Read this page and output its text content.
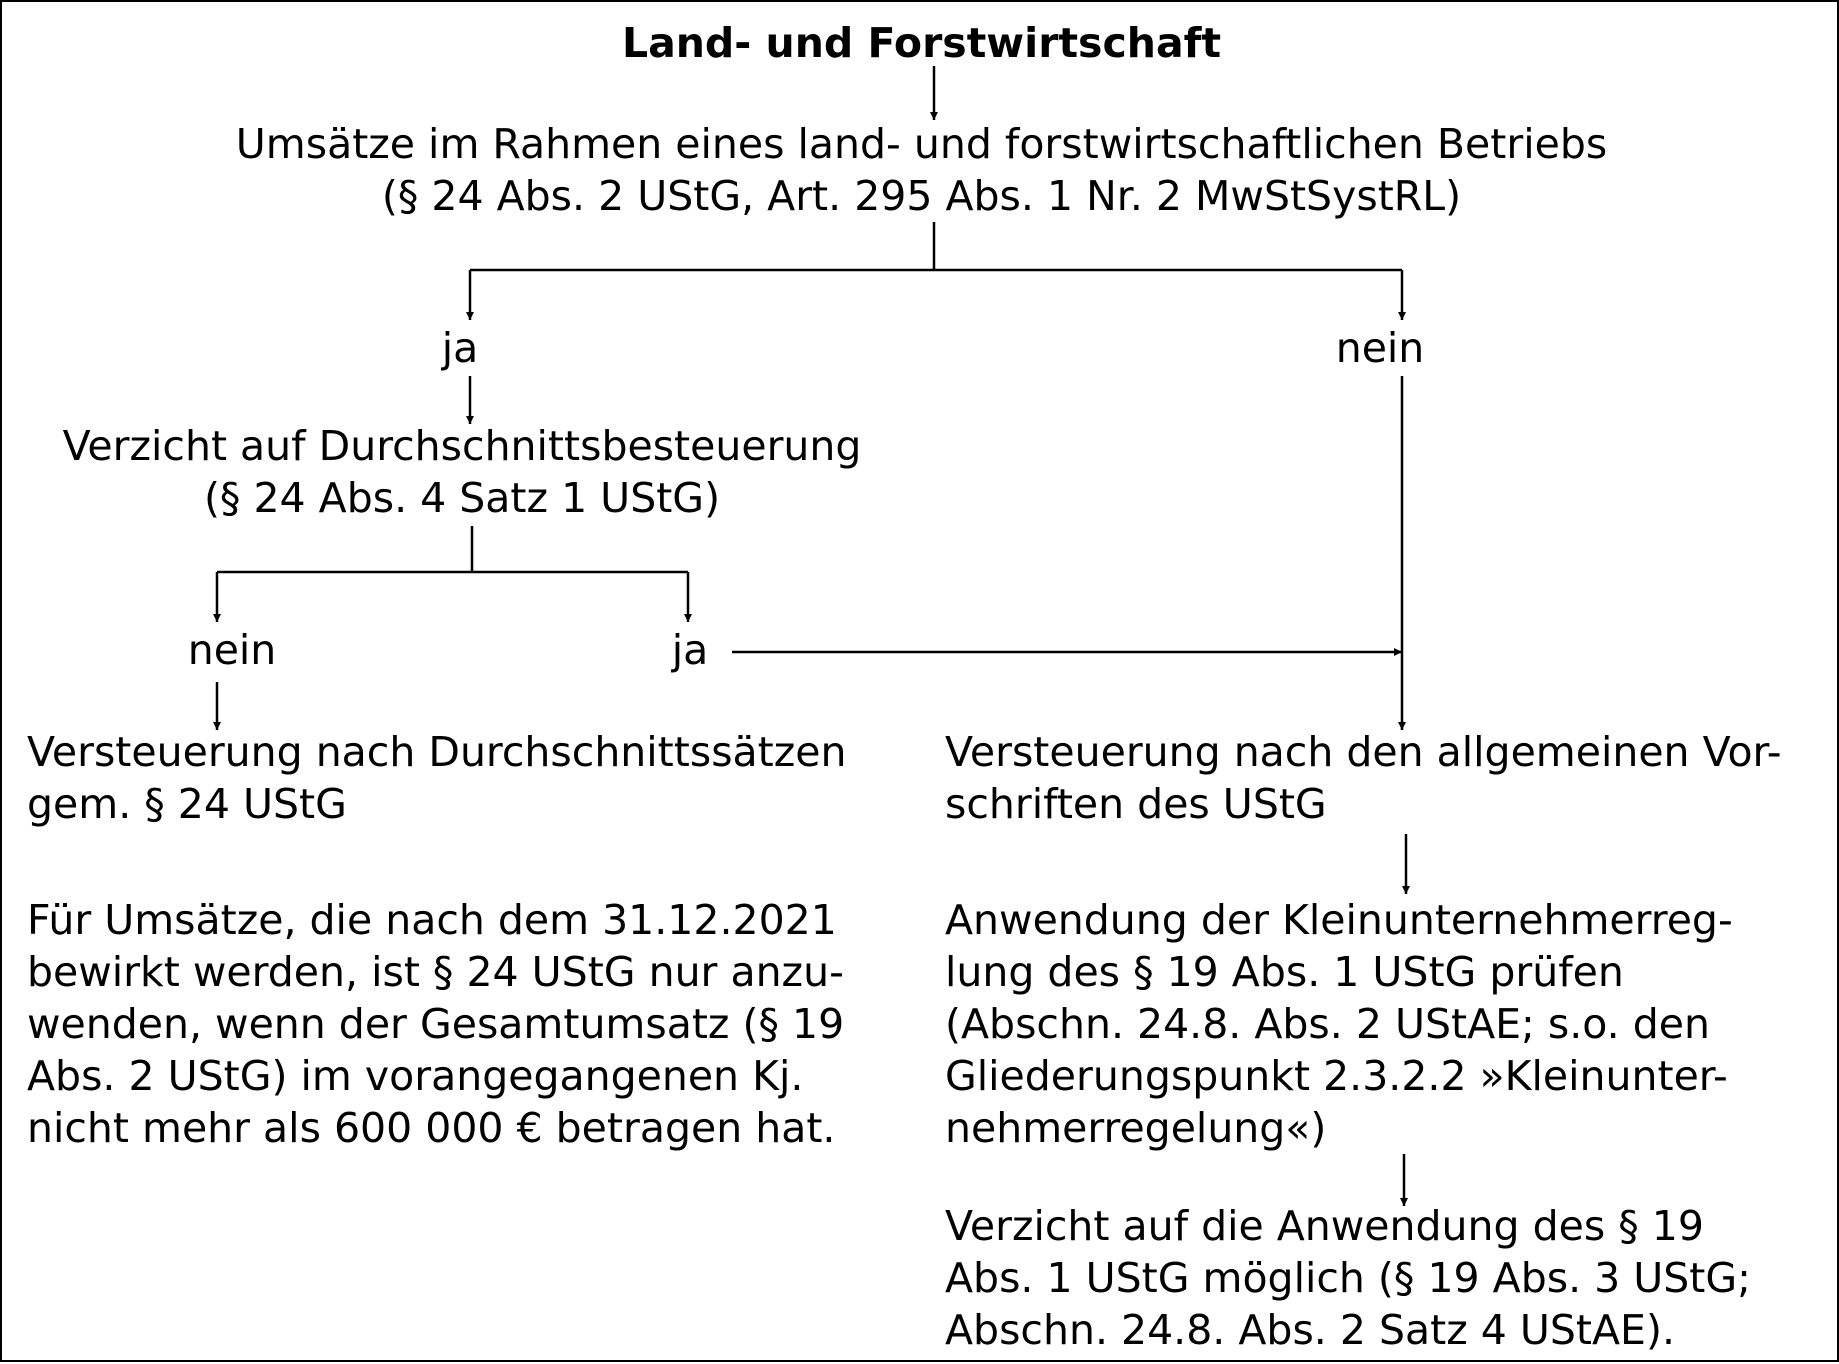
Land- und Forstwirtschaft

Umsätze im Rahmen eines land- und forstwirtschaftlichen Betriebs
(§ 24 Abs. 2 UStG, Art. 295 Abs. 1 Nr. 2 MwStSystRL)

ja	nein

Verzicht auf Durchschnittsbesteuerung
(§ 24 Abs. 4 Satz 1 UStG)

nein	ja

Versteuerung nach Durchschnittssätzen
gem. § 24 UStG

Versteuerung nach den allgemeinen Vor-
schriften des UStG

Für Umsätze, die nach dem 31.12.2021
bewirkt werden, ist § 24 UStG nur anzu-
wenden, wenn der Gesamtumsatz (§ 19
Abs. 2 UStG) im vorangegangenen Kj.
nicht mehr als 600 000 € betragen hat.

Anwendung der Kleinunternehmerreg-
lung des § 19 Abs. 1 UStG prüfen
(Abschn. 24.8. Abs. 2 UStAE; s.o. den
Gliederungspunkt 2.3.2.2 »Kleinunter-
nehmerregelung«)

Verzicht auf die Anwendung des § 19
Abs. 1 UStG möglich (§ 19 Abs. 3 UStG;
Abschn. 24.8. Abs. 2 Satz 4 UStAE).
